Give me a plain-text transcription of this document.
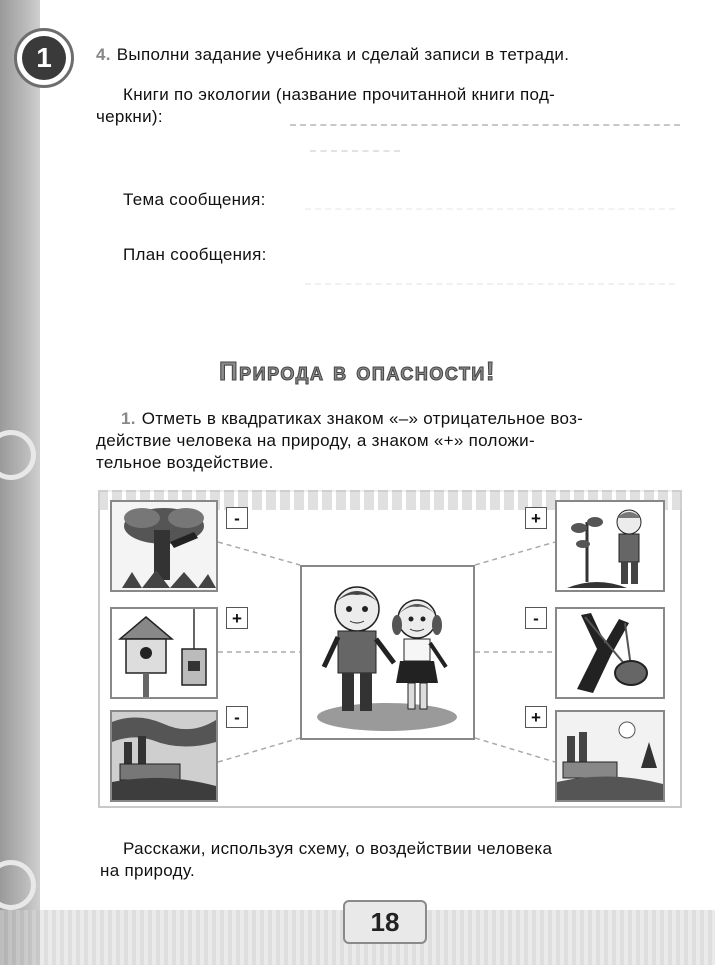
1	4. Выполни задание учебника и сделай записи в тетради.
Книги по экологии (название прочитанной книги под-
черкни):
Тема сообщения:
План сообщения:
Природа в опасности!
1. Отметь в квадратиках знаком «–» отрицательное воз-
действие человека на природу, а знаком «+» положи-
тельное воздействие.
-
+
-
+
-
+
Расскажи, используя схему, о воздействии человека
на природу.
18
